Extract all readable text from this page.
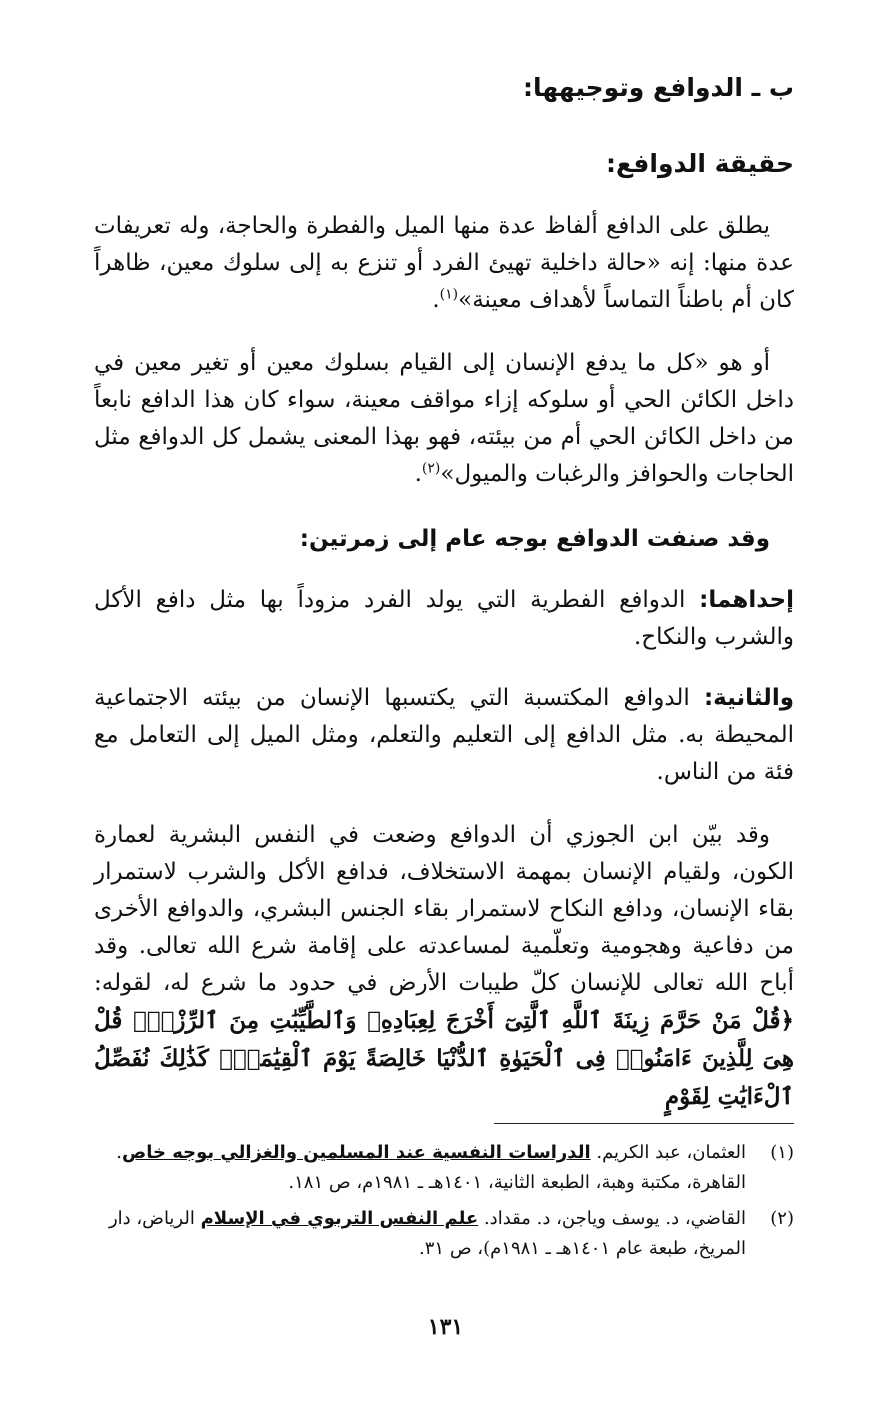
ب ـ الدوافع وتوجيهها:
حقيقة الدوافع:

يطلق على الدافع ألفاظ عدة منها الميل والفطرة والحاجة، وله تعريفات عدة منها: إنه «حالة داخلية تهيئ الفرد أو تنزع به إلى سلوك معين، ظاهراً كان أم باطناً التماساً لأهداف معينة»$^{(١)}$.

أو هو «كل ما يدفع الإنسان إلى القيام بسلوك معين أو تغير معين في داخل الكائن الحي أو سلوكه إزاء مواقف معينة، سواء كان هذا الدافع نابعاً من داخل الكائن الحي أم من بيئته، فهو بهذا المعنى يشمل كل الدوافع مثل الحاجات والحوافز والرغبات والميول»$^{(٢)}$.

وقد صنفت الدوافع بوجه عام إلى زمرتين:

إحداهما: الدوافع الفطرية التي يولد الفرد مزوداً بها مثل دافع الأكل والشرب والنكاح.

والثانية: الدوافع المكتسبة التي يكتسبها الإنسان من بيئته الاجتماعية المحيطة به. مثل الدافع إلى التعليم والتعلم، ومثل الميل إلى التعامل مع فئة من الناس.

وقد بيّن ابن الجوزي أن الدوافع وضعت في النفس البشرية لعمارة الكون، ولقيام الإنسان بمهمة الاستخلاف، فدافع الأكل والشرب لاستمرار بقاء الإنسان، ودافع النكاح لاستمرار بقاء الجنس البشري، والدوافع الأخرى من دفاعية وهجومية وتعلّمية لمساعدته على إقامة شرع الله تعالى. وقد أباح الله تعالى للإنسان كلّ طيبات الأرض في حدود ما شرع له، لقوله: ﴿قُلْ مَنْ حَرَّمَ زِينَةَ ٱللَّهِ ٱلَّتِىٓ أَخْرَجَ لِعِبَادِهِۦ وَٱلطَّيِّبَٰتِ مِنَ ٱلرِّزْقِۚ قُلْ هِىَ لِلَّذِينَ ءَامَنُوا۟ فِى ٱلْحَيَوٰةِ ٱلدُّنْيَا خَالِصَةً يَوْمَ ٱلْقِيَٰمَةِۗ كَذَٰلِكَ نُفَصِّلُ ٱلْءَايَٰتِ لِقَوْمٍ

(١)
العثمان، عبد الكريم. الدراسات النفسية عند المسلمين والغزالي بوجه خاص. القاهرة، مكتبة وهبة، الطبعة الثانية، ١٤٠١هـ ـ ١٩٨١م، ص ١٨١.
(٢)
القاضي، د. يوسف وياجن، د. مقداد. علم النفس التربوي في الإسلام الرياض، دار المريخ، طبعة عام ١٤٠١هـ ـ ١٩٨١م)، ص ٣١.
١٣١
